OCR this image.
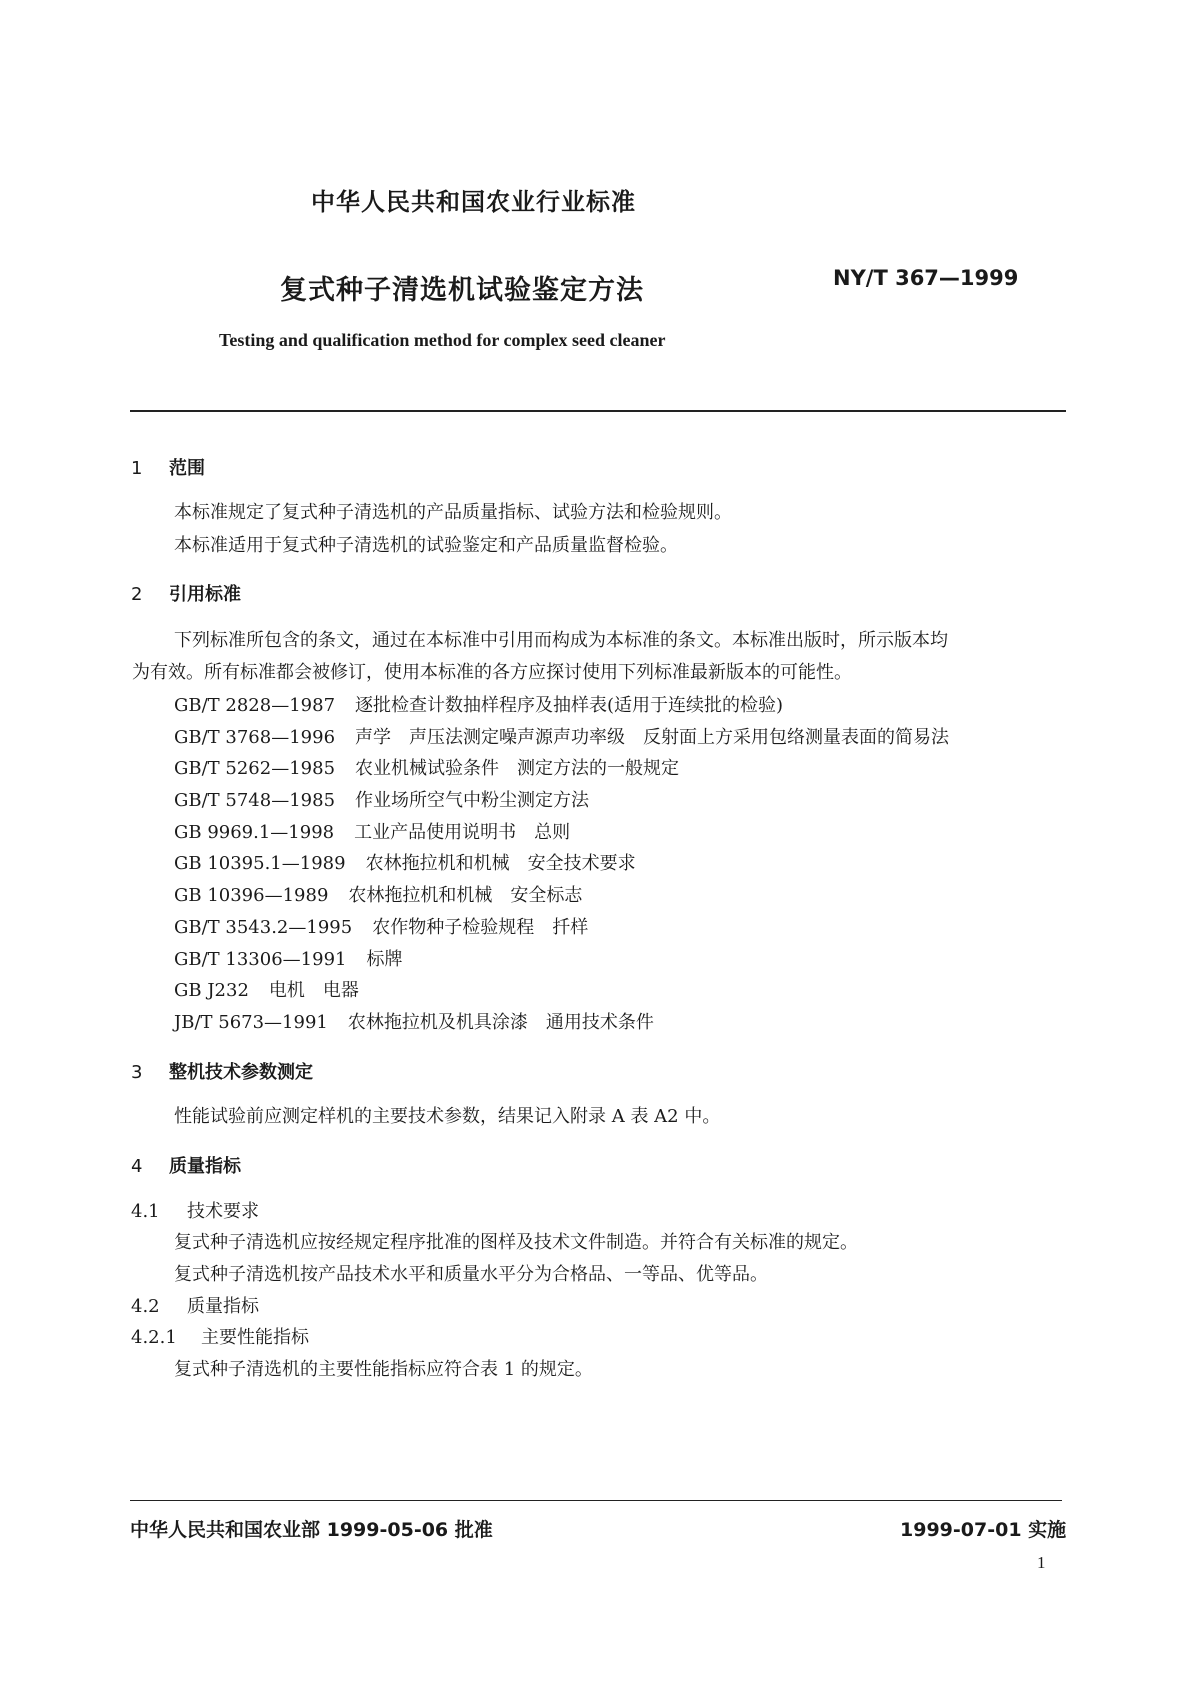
中华人民共和国农业行业标准
复式种子清选机试验鉴定方法	NY/T 367—1999
Testing and qualification method for complex seed cleaner
1 范围
本标准规定了复式种子清选机的产品质量指标、试验方法和检验规则。
本标准适用于复式种子清选机的试验鉴定和产品质量监督检验。
2 引用标准
下列标准所包含的条文，通过在本标准中引用而构成为本标准的条文。本标准出版时，所示版本均
为有效。所有标准都会被修订，使用本标准的各方应探讨使用下列标准最新版本的可能性。
GB/T 2828—1987 逐批检查计数抽样程序及抽样表(适用于连续批的检验)
GB/T 3768—1996 声学　声压法测定噪声源声功率级　反射面上方采用包络测量表面的简易法
GB/T 5262—1985 农业机械试验条件　测定方法的一般规定
GB/T 5748—1985 作业场所空气中粉尘测定方法
GB 9969.1—1998 工业产品使用说明书　总则
GB 10395.1—1989 农林拖拉机和机械　安全技术要求
GB 10396—1989 农林拖拉机和机械　安全标志
GB/T 3543.2—1995 农作物种子检验规程　扦样
GB/T 13306—1991 标牌
GB J232 电机　电器
JB/T 5673—1991 农林拖拉机及机具涂漆　通用技术条件
3 整机技术参数测定
性能试验前应测定样机的主要技术参数，结果记入附录 A 表 A2 中。
4 质量指标
4.1 技术要求
复式种子清选机应按经规定程序批准的图样及技术文件制造。并符合有关标准的规定。
复式种子清选机按产品技术水平和质量水平分为合格品、一等品、优等品。
4.2 质量指标
4.2.1 主要性能指标
复式种子清选机的主要性能指标应符合表 1 的规定。
中华人民共和国农业部 1999-05-06 批准	1999-07-01 实施
1
